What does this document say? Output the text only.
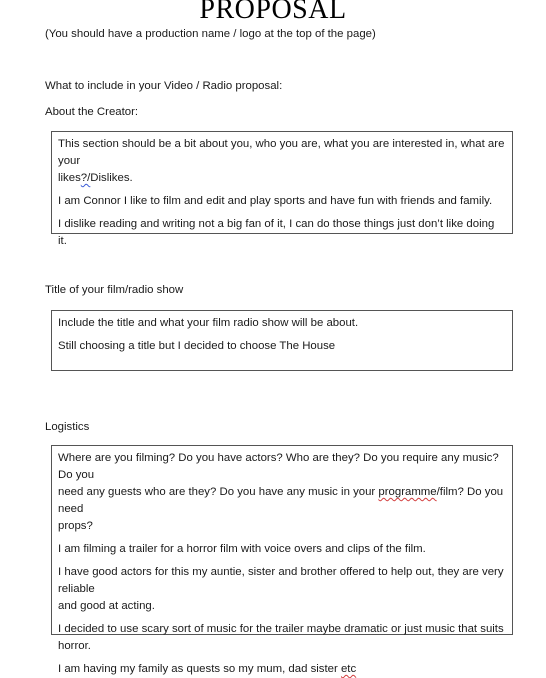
PROPOSAL

(You should have a production name / logo at the top of the page)

What to include in your Video / Radio proposal:

About the Creator:

This section should be a bit about you, who you are, what you are interested in, what are your
likes?/Dislikes.

I am Connor I like to film and edit and play sports and have fun with friends and family.

I dislike reading and writing not a big fan of it, I can do those things just don’t like doing it.

Title of your film/radio show

Include the title and what your film radio show will be about.

Still choosing a title but I decided to choose The House

Logistics

Where are you filming? Do you have actors? Who are they? Do you require any music? Do you
need any guests who are they? Do you have any music in your programme/film? Do you need
props?

I am filming a trailer for a horror film with voice overs and clips of the film.

I have good actors for this my auntie, sister and brother offered to help out, they are very reliable
and good at acting.

I decided to use scary sort of music for the trailer maybe dramatic or just music that suits horror.

I am having my family as quests so my mum, dad sister etc
